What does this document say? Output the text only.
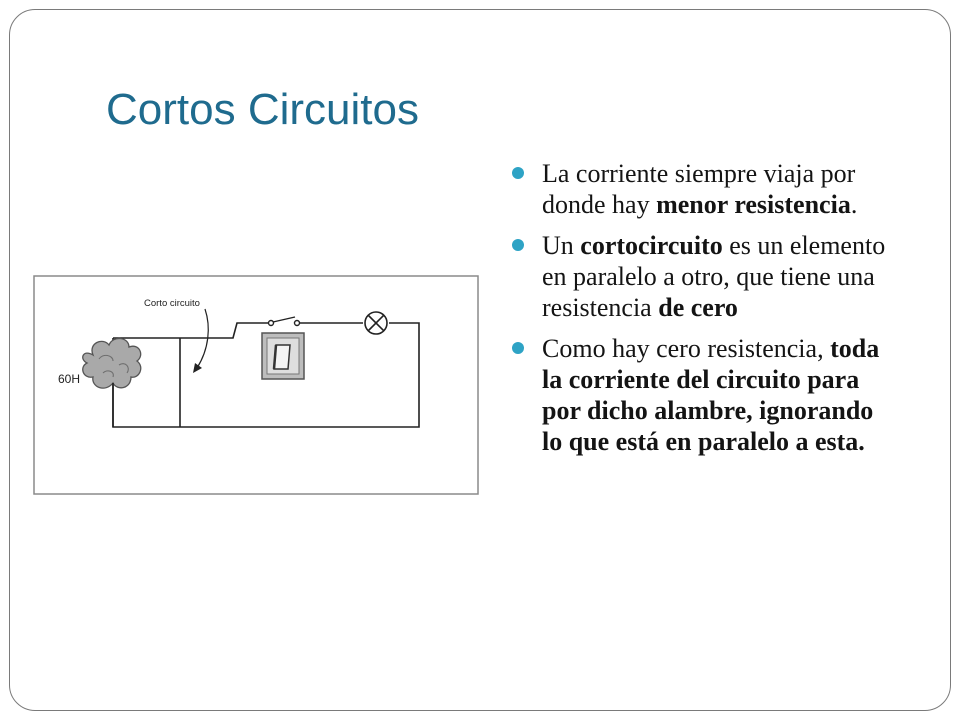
Cortos Circuitos
60H
Corto circuito
La corriente siempre viaja por donde hay menor resistencia.
Un cortocircuito es un elemento en paralelo a otro, que tiene una resistencia de cero
Como hay cero resistencia, toda la corriente del circuito para por dicho alambre, ignorando lo que está en paralelo a esta.
